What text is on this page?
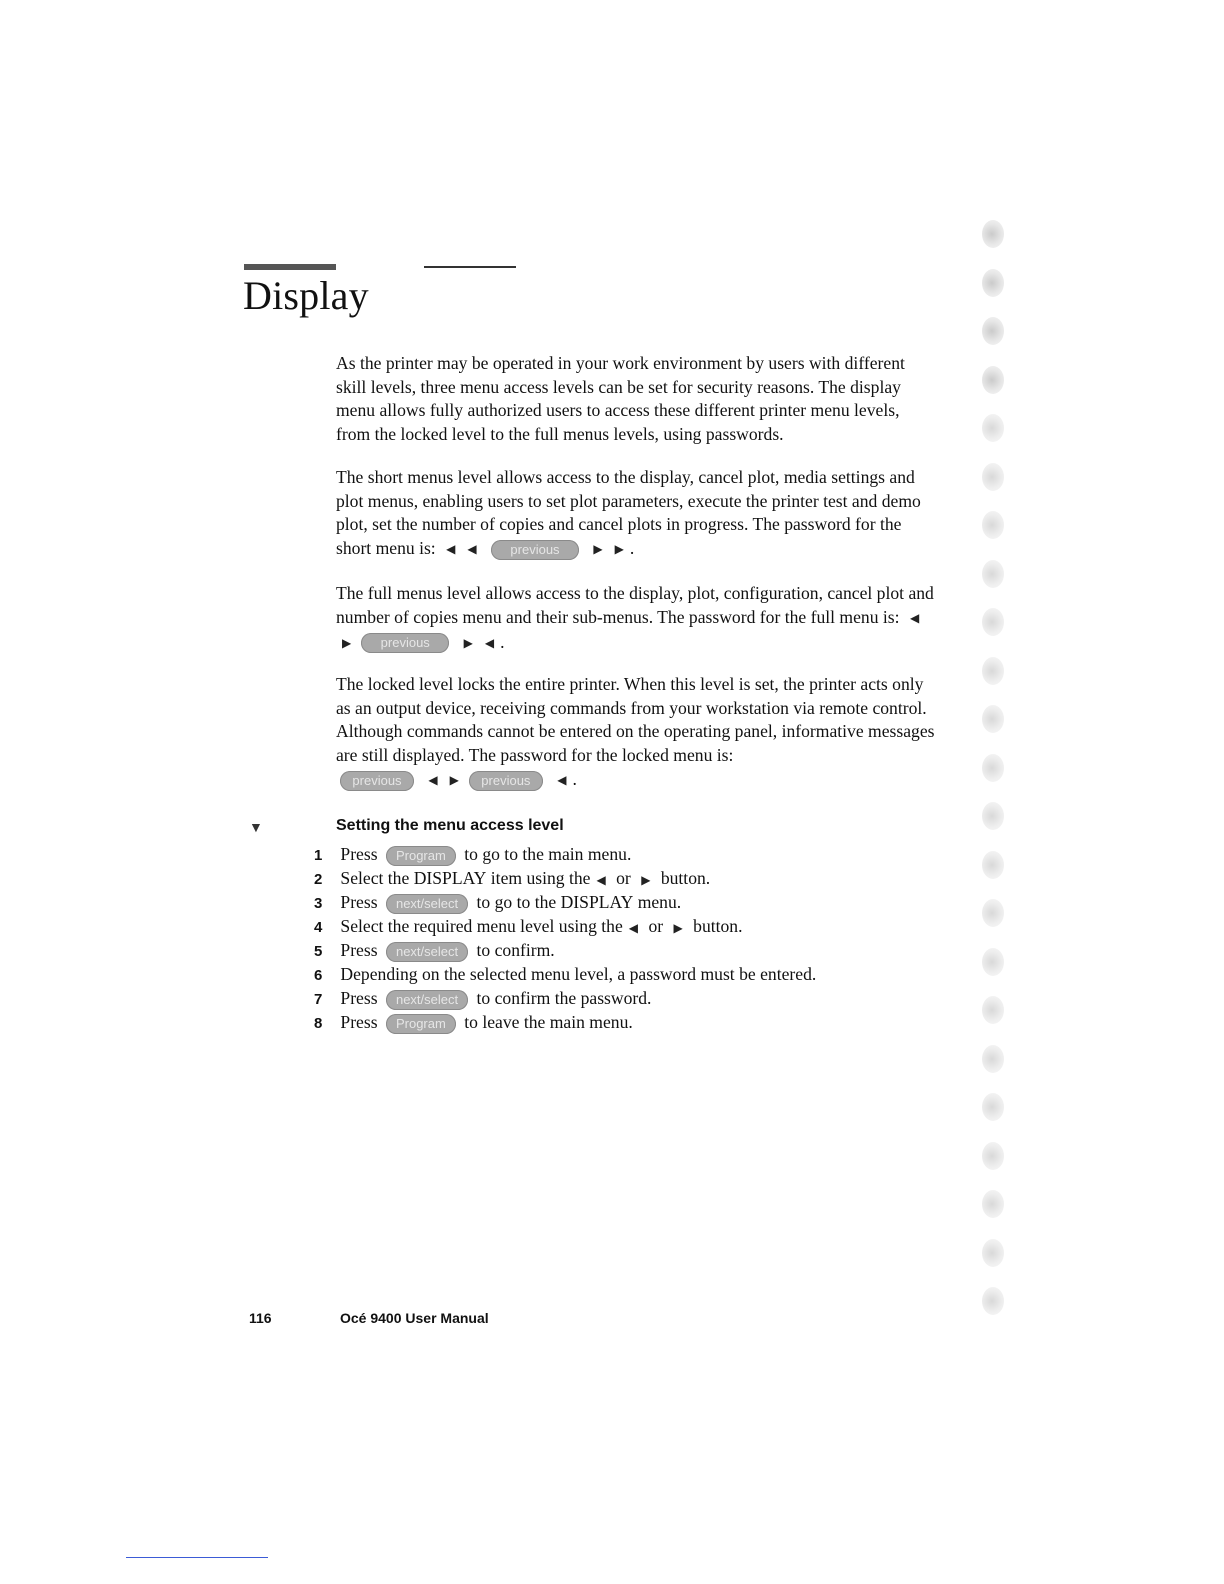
Display

As the printer may be operated in your work environment by users with different skill levels, three menu access levels can be set for security reasons. The display menu allows fully authorized users to access these different printer menu levels, from the locked level to the full menus levels, using passwords.

The short menus level allows access to the display, cancel plot, media settings and plot menus, enabling users to set plot parameters, execute the printer test and demo plot, set the number of copies and cancel plots in progress. The password for the short menu is: ◀ ◀	previous	▶ ▶ .

The full menus level allows access to the display, plot, configuration, cancel plot and number of copies menu and their sub-menus. The password for the full menu is: ◀▶ previous	▶ ◀ .

The locked level locks the entire printer. When this level is set, the printer acts only as an output device, receiving commands from your workstation via remote control. Although commands cannot be entered on the operating panel, informative messages are still displayed. The password for the locked menu is:
previous ◀ ▶ previous ◀ .

▼	Setting the menu access level
1 Press Program to go to the main menu.
2 Select the DISPLAY item using the ◀ or ▶ button.
3 Press next/select to go to the DISPLAY menu.
4 Select the required menu level using the ◀ or ▶ button.
5 Press next/select to confirm.
6 Depending on the selected menu level, a password must be entered.
7 Press next/select to confirm the password.
8 Press Program to leave the main menu.
116	Océ 9400 User Manual
